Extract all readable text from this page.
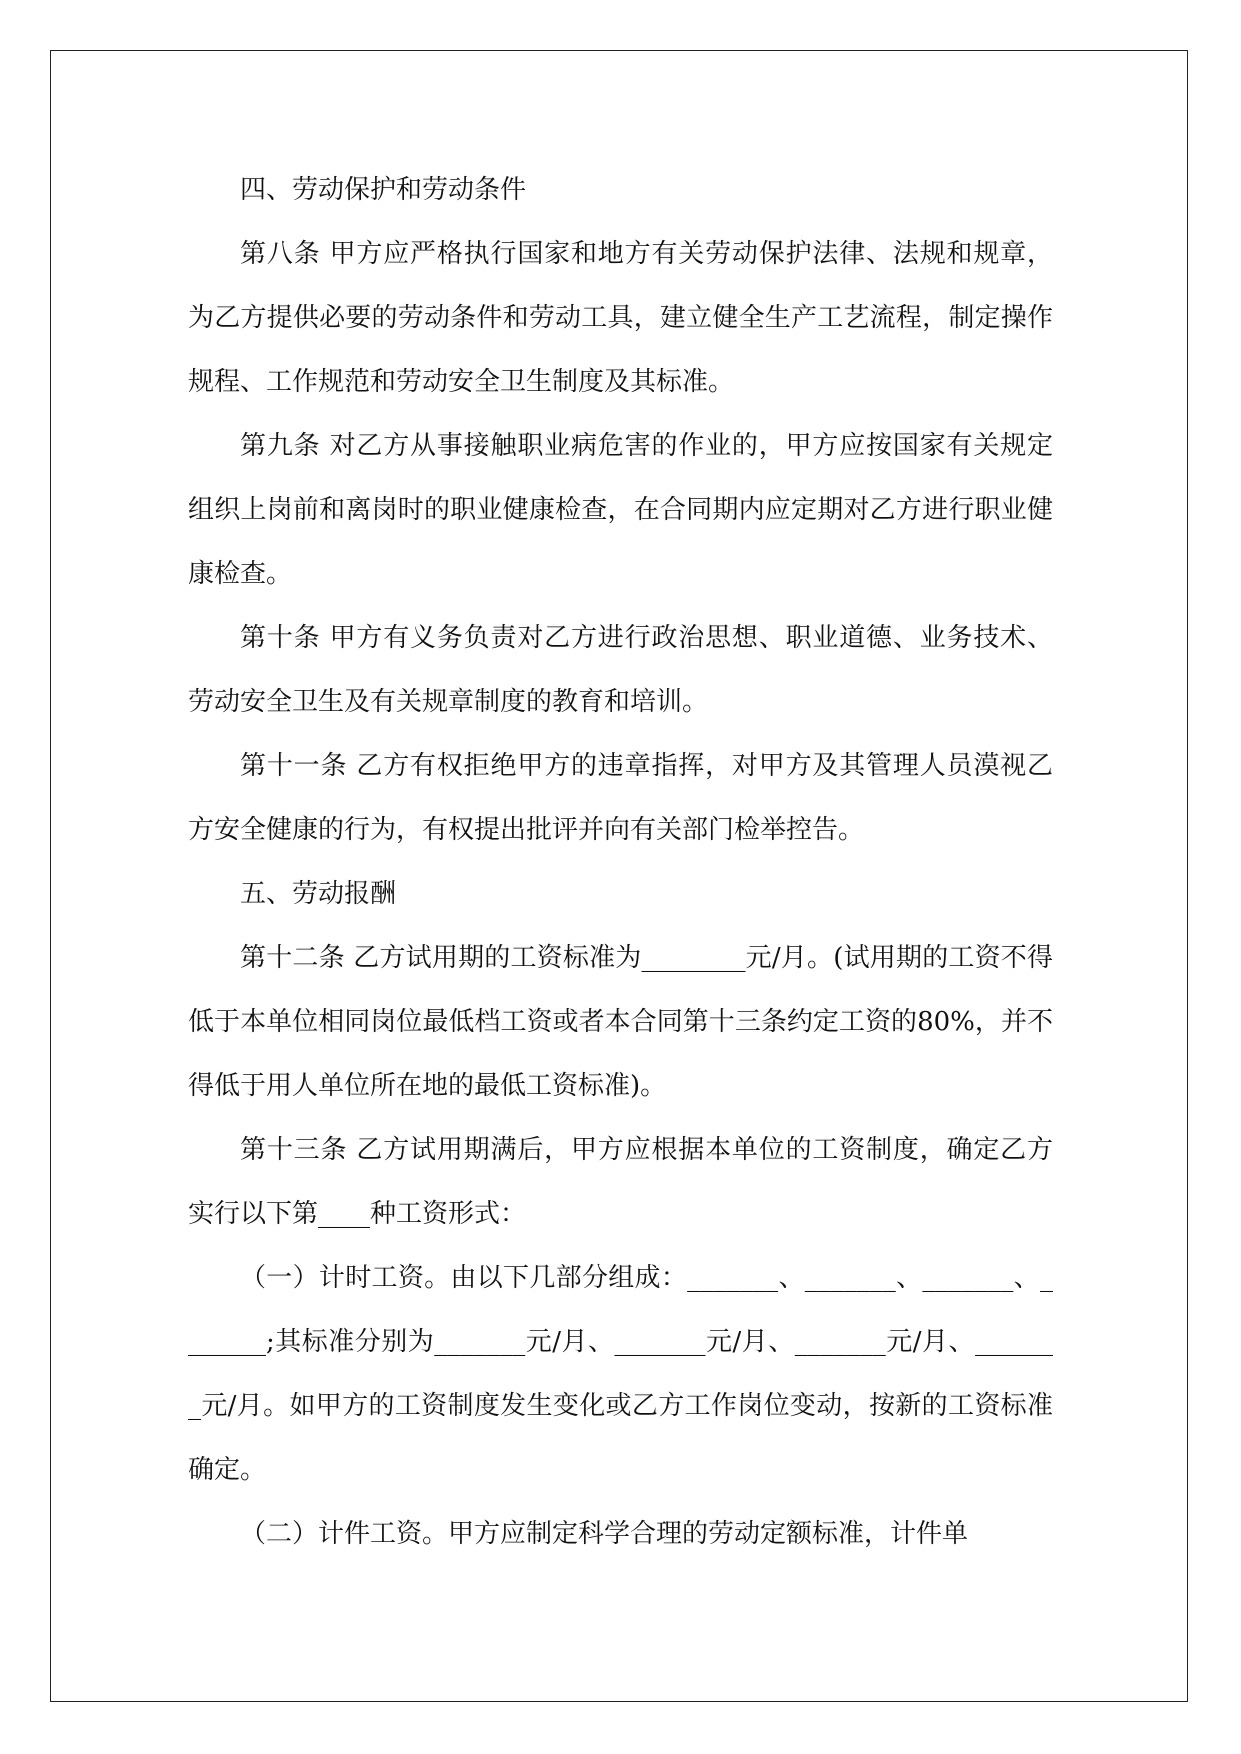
四、劳动保护和劳动条件

第八条 甲方应严格执行国家和地方有关劳动保护法律、法规和规章，为乙方提供必要的劳动条件和劳动工具，建立健全生产工艺流程，制定操作规程、工作规范和劳动安全卫生制度及其标准。

第九条 对乙方从事接触职业病危害的作业的，甲方应按国家有关规定组织上岗前和离岗时的职业健康检查，在合同期内应定期对乙方进行职业健康检查。

第十条 甲方有义务负责对乙方进行政治思想、职业道德、业务技术、劳动安全卫生及有关规章制度的教育和培训。

第十一条 乙方有权拒绝甲方的违章指挥，对甲方及其管理人员漠视乙方安全健康的行为，有权提出批评并向有关部门检举控告。

五、劳动报酬

第十二条 乙方试用期的工资标准为________元/月。(试用期的工资不得低于本单位相同岗位最低档工资或者本合同第十三条约定工资的80%，并不得低于用人单位所在地的最低工资标准)。

第十三条 乙方试用期满后，甲方应根据本单位的工资制度，确定乙方实行以下第____种工资形式：

（一）计时工资。由以下几部分组成：_______、_______、_______、_______;其标准分别为_______元/月、_______元/月、_______元/月、_______元/月。如甲方的工资制度发生变化或乙方工作岗位变动，按新的工资标准确定。

（二）计件工资。甲方应制定科学合理的劳动定额标准，计件单
